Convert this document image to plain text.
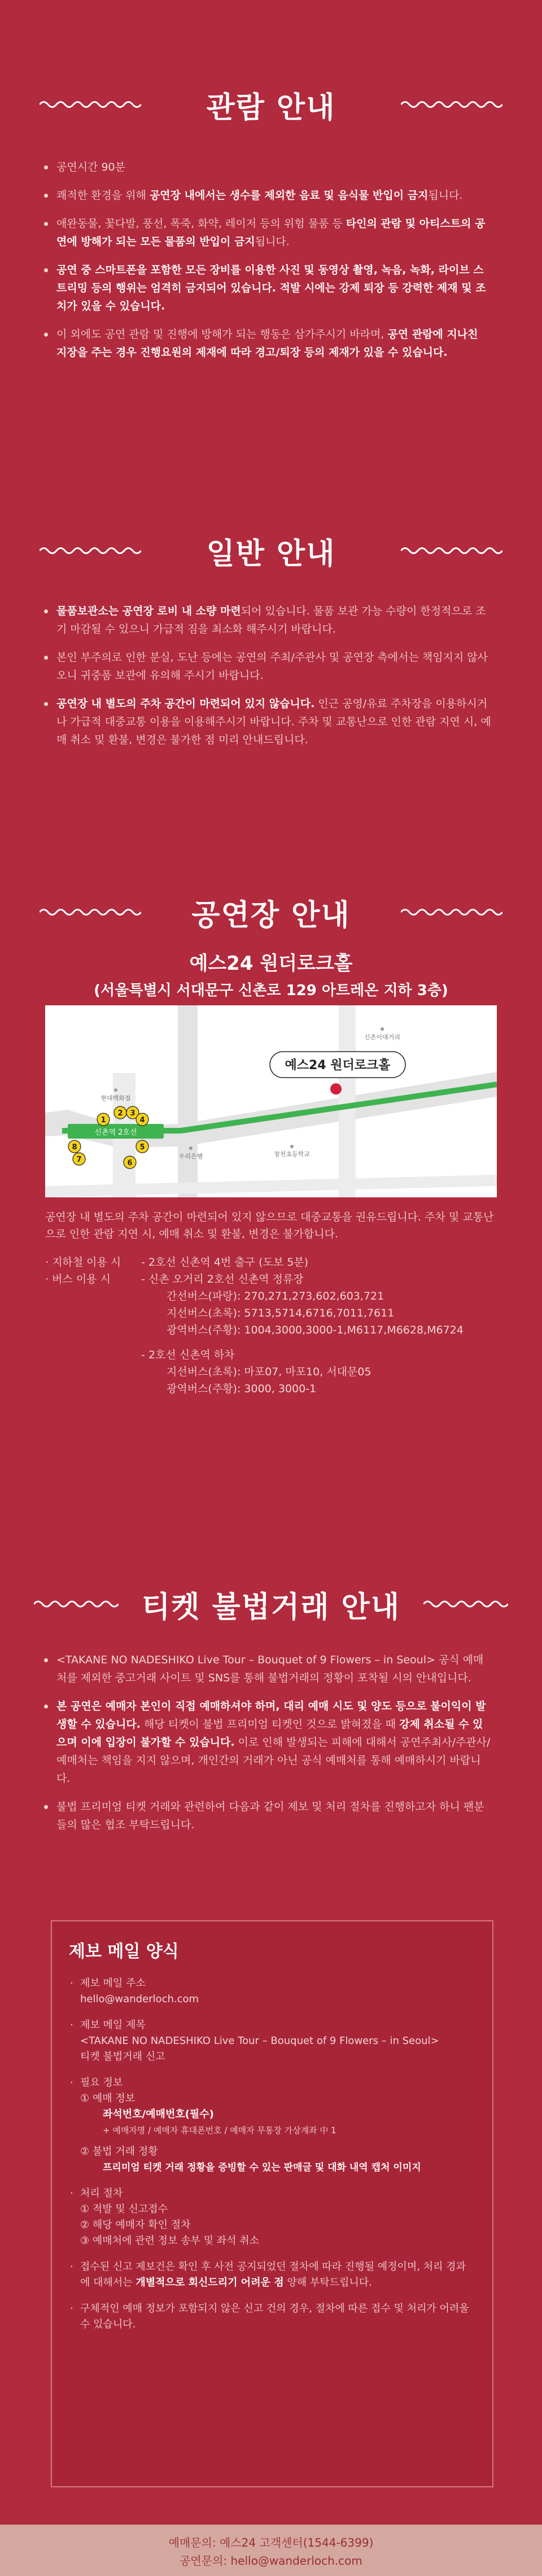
관람 안내
공연시간 90분
쾌적한 환경을 위해 공연장 내에서는 생수를 제외한 음료 및 음식물 반입이 금지됩니다.
애완동물, 꽃다발, 풍선, 폭죽, 화약, 레이저 등의 위험 물품 등 타인의 관람 및 아티스트의 공연에 방해가 되는 모든 물품의 반입이 금지됩니다.
공연 중 스마트폰을 포함한 모든 장비를 이용한 사진 및 동영상 촬영, 녹음, 녹화, 라이브 스트리밍 등의 행위는 엄격히 금지되어 있습니다. 적발 시에는 강제 퇴장 등 강력한 제재 및 조치가 있을 수 있습니다.
이 외에도 공연 관람 및 진행에 방해가 되는 행동은 삼가주시기 바라며, 공연 관람에 지나친 지장을 주는 경우 진행요원의 제재에 따라 경고/퇴장 등의 제재가 있을 수 있습니다.
일반 안내
물품보관소는 공연장 로비 내 소량 마련되어 있습니다. 물품 보관 가능 수량이 한정적으로 조기 마감될 수 있으니 가급적 짐을 최소화 해주시기 바랍니다.
본인 부주의로 인한 분실, 도난 등에는 공연의 주최/주관사 및 공연장 측에서는 책임지지 않사오니 귀중품 보관에 유의해 주시기 바랍니다.
공연장 내 별도의 주차 공간이 마련되어 있지 않습니다. 인근 공영/유료 주차장을 이용하시거나 가급적 대중교통 이용을 이용해주시기 바랍니다. 주차 및 교통난으로 인한 관람 지연 시, 예매 취소 및 환불, 변경은 불가한 점 미리 안내드립니다.
공연장 안내
예스24 원더로크홀
(서울특별시 서대문구 신촌로 129 아트레온 지하 3층)
신촌역 2호선
신촌이대거리
현대백화점
우리은행	창천초등학교
예스24 원더로크홀
2 3
1	4
5
6
7
8
공연장 내 별도의 주차 공간이 마련되어 있지 않으므로 대중교통을 권유드립니다. 주차 및 교통난으로 인한 관람 지연 시, 예매 취소 및 환불, 변경은 불가합니다.
· 지하철 이용 시 - 2호선 신촌역 4번 출구 (도보 5분)
· 버스 이용 시	- 신촌 오거리 2호선 신촌역 정류장
간선버스(파랑): 270,271,273,602,603,721
지선버스(초록): 5713,5714,6716,7011,7611
광역버스(주황): 1004,3000,3000-1,M6117,M6628,M6724
- 2호선 신촌역 하차
지선버스(초록): 마포07, 마포10, 서대문05
광역버스(주황): 3000, 3000-1
티켓 불법거래 안내
<TAKANE NO NADESHIKO Live Tour – Bouquet of 9 Flowers – in Seoul> 공식 예매처를 제외한 중고거래 사이트 및 SNS를 통해 불법거래의 정황이 포착될 시의 안내입니다.
본 공연은 예매자 본인이 직접 예매하셔야 하며, 대리 예매 시도 및 양도 등으로 불이익이 발생할 수 있습니다. 해당 티켓이 불법 프리미엄 티켓인 것으로 밝혀졌을 때 강제 취소될 수 있으며 이에 입장이 불가할 수 있습니다. 이로 인해 발생되는 피해에 대해서 공연주최사/주관사/예매처는 책임을 지지 않으며, 개인간의 거래가 아닌 공식 예매처를 통해 예매하시기 바랍니다.
불법 프리미엄 티켓 거래와 관련하여 다음과 같이 제보 및 처리 절차를 진행하고자 하니 팬분들의 많은 협조 부탁드립니다.
제보 메일 양식
· 제보 메일 주소
hello@wanderloch.com
· 제보 메일 제목
<TAKANE NO NADESHIKO Live Tour – Bouquet of 9 Flowers – in Seoul>
티켓 불법거래 신고
· 필요 정보
① 예매 정보
좌석번호/예매번호(필수)
+ 예매자명 / 예매자 휴대폰번호 / 예매자 무통장 가상계좌 中 1
② 불법 거래 정황
프리미엄 티켓 거래 정황을 증빙할 수 있는 판매글 및 대화 내역 캡처 이미지
· 처리 절차
① 적발 및 신고접수
② 해당 예매자 확인 절차
③ 예매처에 관련 정보 송부 및 좌석 취소
· 접수된 신고 제보건은 확인 후 사전 공지되었던 절차에 따라 진행될 예정이며, 처리 경과에 대해서는 개별적으로 회신드리기 어려운 점 양해 부탁드립니다.
· 구체적인 예매 정보가 포함되지 않은 신고 건의 경우, 절차에 따른 접수 및 처리가 어려울 수 있습니다.
예매문의: 예스24 고객센터(1544-6399)
공연문의: hello@wanderloch.com
